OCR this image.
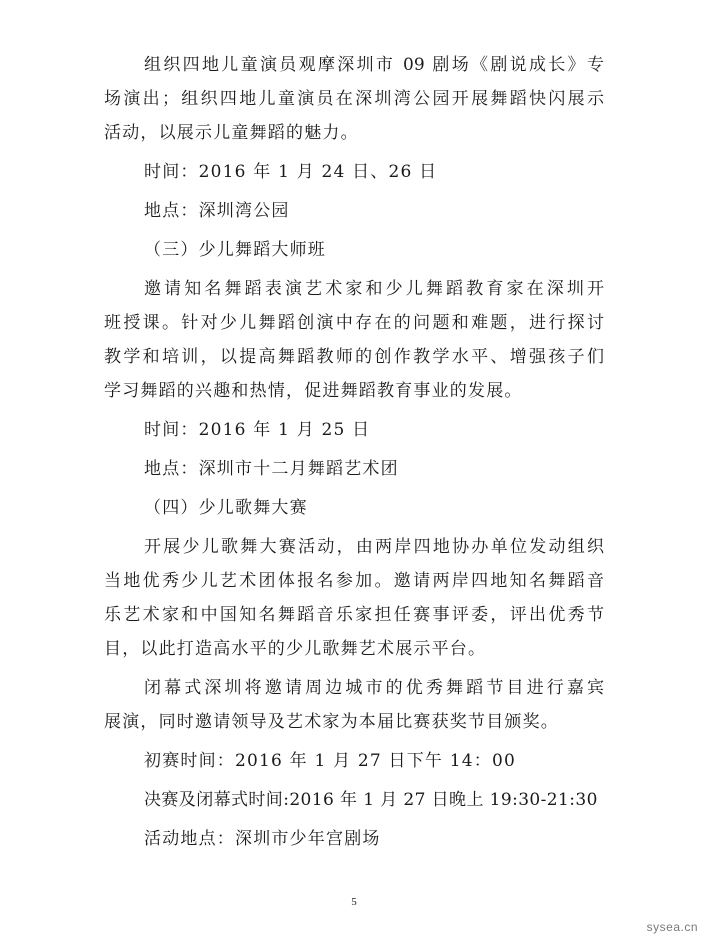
组织四地儿童演员观摩深圳市 09 剧场《剧说成长》专
场演出；组织四地儿童演员在深圳湾公园开展舞蹈快闪展示
活动，以展示儿童舞蹈的魅力。
时间：2016 年 1 月 24 日、26 日
地点：深圳湾公园
（三）少儿舞蹈大师班
邀请知名舞蹈表演艺术家和少儿舞蹈教育家在深圳开
班授课。针对少儿舞蹈创演中存在的问题和难题，进行探讨
教学和培训，以提高舞蹈教师的创作教学水平、增强孩子们
学习舞蹈的兴趣和热情，促进舞蹈教育事业的发展。
时间：2016 年 1 月 25 日
地点：深圳市十二月舞蹈艺术团
（四）少儿歌舞大赛
开展少儿歌舞大赛活动，由两岸四地协办单位发动组织
当地优秀少儿艺术团体报名参加。邀请两岸四地知名舞蹈音
乐艺术家和中国知名舞蹈音乐家担任赛事评委，评出优秀节
目，以此打造高水平的少儿歌舞艺术展示平台。
闭幕式深圳将邀请周边城市的优秀舞蹈节目进行嘉宾
展演，同时邀请领导及艺术家为本届比赛获奖节目颁奖。
初赛时间：2016 年 1 月 27 日下午 14：00
决赛及闭幕式时间:2016 年 1 月 27 日晚上 19:30-21:30
活动地点：深圳市少年宫剧场
5
sysea.cn
